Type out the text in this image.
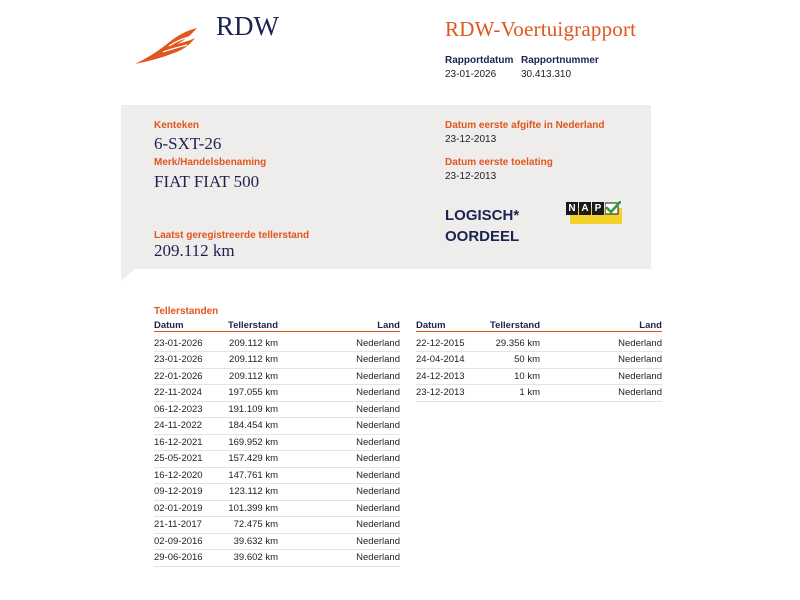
RDW	RDW-Voertuigrapport
Rapportdatum
23-01-2026
Rapportnummer
30.413.310
Kenteken
6-SXT-26
Merk/Handelsbenaming
FIAT FIAT 500
Laatst geregistreerde tellerstand
209.112 km
Datum eerste afgifte in Nederland
23-12-2013
Datum eerste toelating
23-12-2013
LOGISCH*
OORDEEL
N A P
Tellerstanden
Datum	Tellerstand	Land
23-01-2026	209.112 km	Nederland
23-01-2026	209.112 km	Nederland
22-01-2026	209.112 km	Nederland
22-11-2024	197.055 km	Nederland
06-12-2023	191.109 km	Nederland
24-11-2022	184.454 km	Nederland
16-12-2021	169.952 km	Nederland
25-05-2021	157.429 km	Nederland
16-12-2020	147.761 km	Nederland
09-12-2019	123.112 km	Nederland
02-01-2019	101.399 km	Nederland
21-11-2017	72.475 km	Nederland
02-09-2016	39.632 km	Nederland
29-06-2016	39.602 km	Nederland
Datum	Tellerstand	Land
22-12-2015	29.356 km	Nederland
24-04-2014	50 km	Nederland
24-12-2013	10 km	Nederland
23-12-2013	1 km	Nederland
